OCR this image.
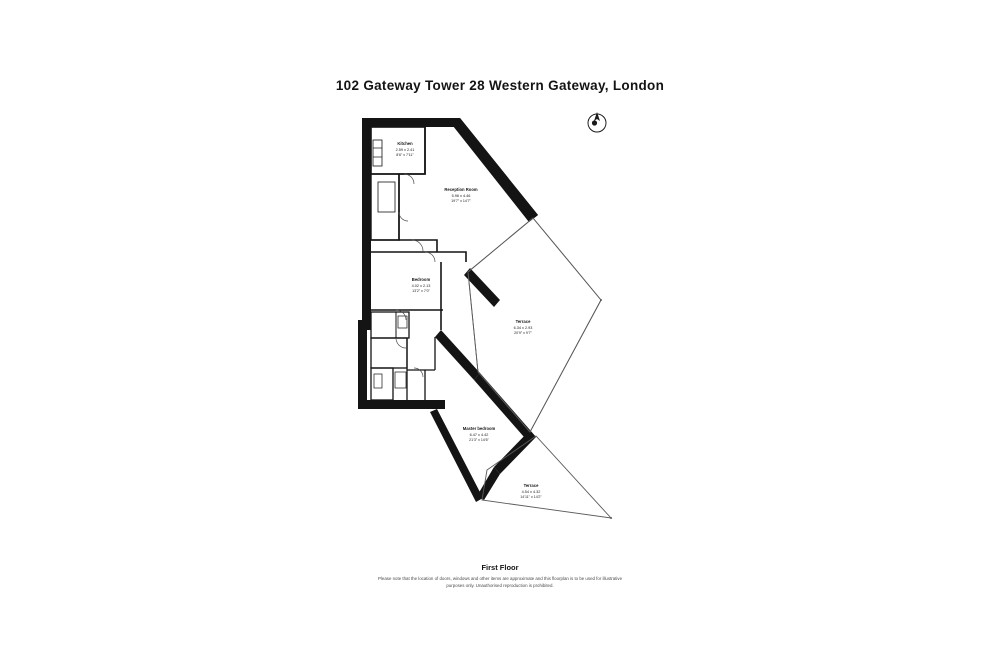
102 Gateway Tower 28 Western Gateway, London
Kitchen
2.59 x 2.41
8'6" x 7'11"
Reception Room
5.96 x 4.46
19'7" x 14'7"
Bedroom
4.02 x 2.13
13'2" x 7'0"
Terrace
6.34 x 2.93
20'9" x 9'7"
Master bedroom
6.47 x 4.42
21'3" x 14'6"
Terrace
4.54 x 4.32
14'11" x 14'2"
First Floor
Please note that the location of doors, windows and other items are approximate and this floorplan is to be used for illustrative
purposes only. Unauthorised reproduction is prohibited.
